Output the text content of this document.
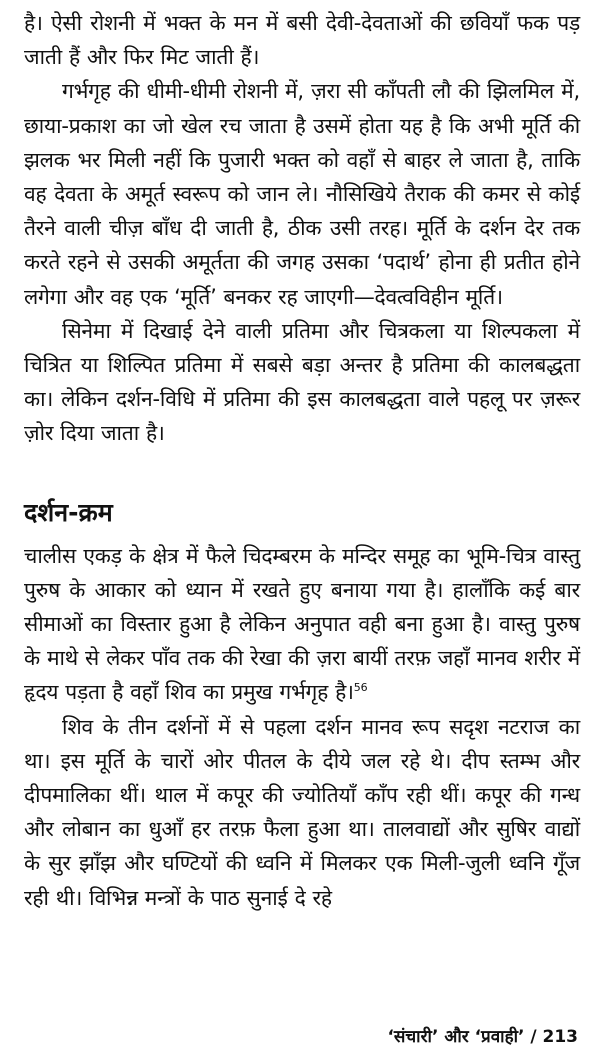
है। ऐसी रोशनी में भक्त के मन में बसी देवी-देवताओं की छवियाँ फक पड़ जाती हैं और फिर मिट जाती हैं।

गर्भगृह की धीमी-धीमी रोशनी में, ज़रा सी काँपती लौ की झिलमिल में, छाया-प्रकाश का जो खेल रच जाता है उसमें होता यह है कि अभी मूर्ति की झलक भर मिली नहीं कि पुजारी भक्त को वहाँ से बाहर ले जाता है, ताकि वह देवता के अमूर्त स्वरूप को जान ले। नौसिखिये तैराक की कमर से कोई तैरने वाली चीज़ बाँध दी जाती है, ठीक उसी तरह। मूर्ति के दर्शन देर तक करते रहने से उसकी अमूर्तता की जगह उसका ‘पदार्थ’ होना ही प्रतीत होने लगेगा और वह एक ‘मूर्ति’ बनकर रह जाएगी—देवत्वविहीन मूर्ति।

सिनेमा में दिखाई देने वाली प्रतिमा और चित्रकला या शिल्पकला में चित्रित या शिल्पित प्रतिमा में सबसे बड़ा अन्तर है प्रतिमा की कालबद्धता का। लेकिन दर्शन-विधि में प्रतिमा की इस कालबद्धता वाले पहलू पर ज़रूर ज़ोर दिया जाता है।

दर्शन-क्रम

चालीस एकड़ के क्षेत्र में फैले चिदम्बरम के मन्दिर समूह का भूमि-चित्र वास्तु पुरुष के आकार को ध्यान में रखते हुए बनाया गया है। हालाँकि कई बार सीमाओं का विस्तार हुआ है लेकिन अनुपात वही बना हुआ है। वास्तु पुरुष के माथे से लेकर पाँव तक की रेखा की ज़रा बायीं तरफ़ जहाँ मानव शरीर में हृदय पड़ता है वहाँ शिव का प्रमुख गर्भगृह है।$^{56}$

शिव के तीन दर्शनों में से पहला दर्शन मानव रूप सदृश नटराज का था। इस मूर्ति के चारों ओर पीतल के दीये जल रहे थे। दीप स्तम्भ और दीपमालिका थीं। थाल में कपूर की ज्योतियाँ काँप रही थीं। कपूर की गन्ध और लोबान का धुआँ हर तरफ़ फैला हुआ था। तालवाद्यों और सुषिर वाद्यों के सुर झाँझ और घण्टियों की ध्वनि में मिलकर एक मिली-जुली ध्वनि गूँज रही थी। विभिन्न मन्त्रों के पाठ सुनाई दे रहे

‘संचारी’ और ‘प्रवाही’ / 213
